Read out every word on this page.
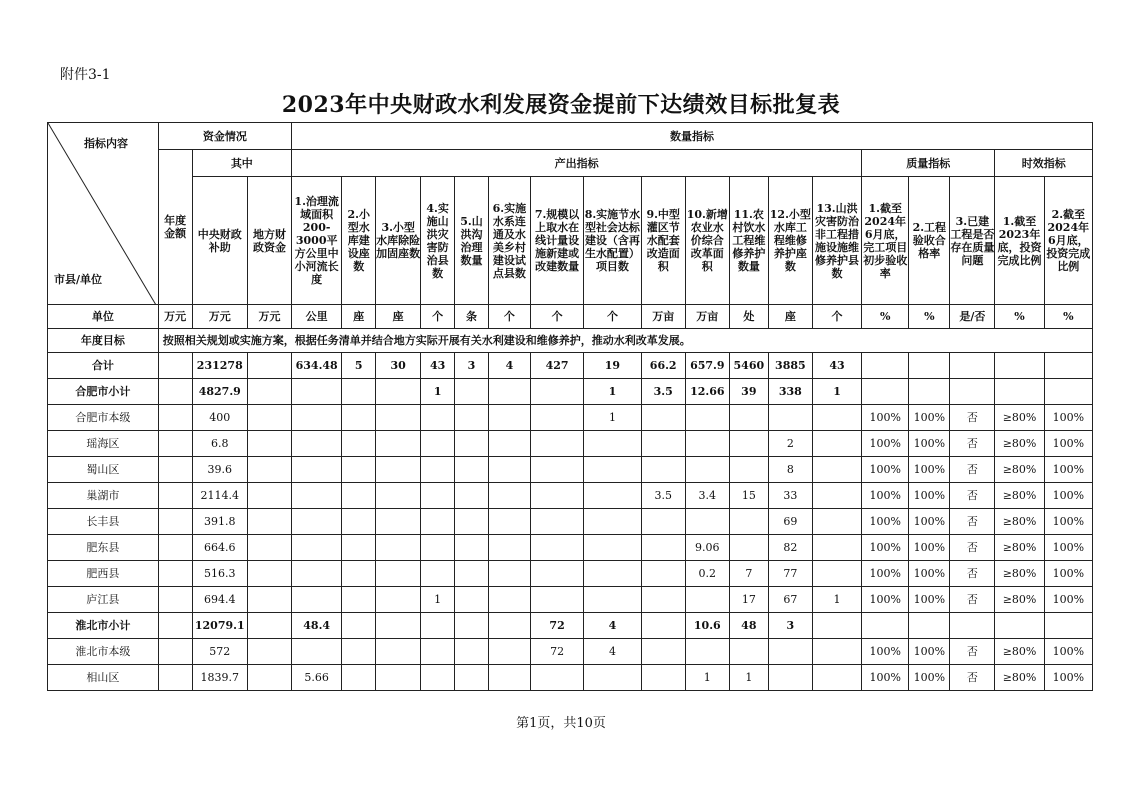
附件3-1
2023年中央财政水利发展资金提前下达绩效目标批复表
指标内容
市县/单位	资金情况			数量指标																	
	年度金额	其中		产出指标													质量指标			时效指标	
		中央财政补助	地方财政资金	1.治理流域面积200-3000平方公里中小河流长度	2.小型水库建设座数	3.小型水库除险加固座数	4.实施山洪灾害防治县数	5.山洪沟治理数量	6.实施水系连通及水美乡村建设试点县数	7.规模以上取水在线计量设施新建或改建数量	8.实施节水型社会达标建设（含再生水配置）项目数	9.中型灌区节水配套改造面积	10.新增农业水价综合改革面积	11.农村饮水工程维修养护数量	12.小型水库工程维修养护座数	13.山洪灾害防治非工程措施设施维修养护县数	1.截至2024年6月底，完工项目初步验收率	2.工程验收合格率	3.已建工程是否存在质量问题	1.截至2023年底，投资完成比例	2.截至2024年6月底，投资完成比例
单位	万元	万元	万元	公里	座	座	个	条	个	个	个	万亩	万亩	处	座	个	%	%	是/否	%	%
年度目标	按照相关规划或实施方案，根据任务清单并结合地方实际开展有关水利建设和维修养护，推动水利改革发展。																				
合计		231278		634.48	5	30	43	3	4	427	19	66.2	657.9	5460	3885	43					
合肥市小计		4827.9					1				1	3.5	12.66	39	338	1					
合肥市本级		400									1						100%	100%	否	≥80%	100%
瑶海区		6.8													2		100%	100%	否	≥80%	100%
蜀山区		39.6													8		100%	100%	否	≥80%	100%
巢湖市		2114.4										3.5	3.4	15	33		100%	100%	否	≥80%	100%
长丰县		391.8													69		100%	100%	否	≥80%	100%
肥东县		664.6											9.06		82		100%	100%	否	≥80%	100%
肥西县		516.3											0.2	7	77		100%	100%	否	≥80%	100%
庐江县		694.4					1							17	67	1	100%	100%	否	≥80%	100%
淮北市小计		12079.1		48.4						72	4		10.6	48	3						
淮北市本级		572								72	4						100%	100%	否	≥80%	100%
相山区		1839.7		5.66									1	1			100%	100%	否	≥80%	100%
第1页，共10页
